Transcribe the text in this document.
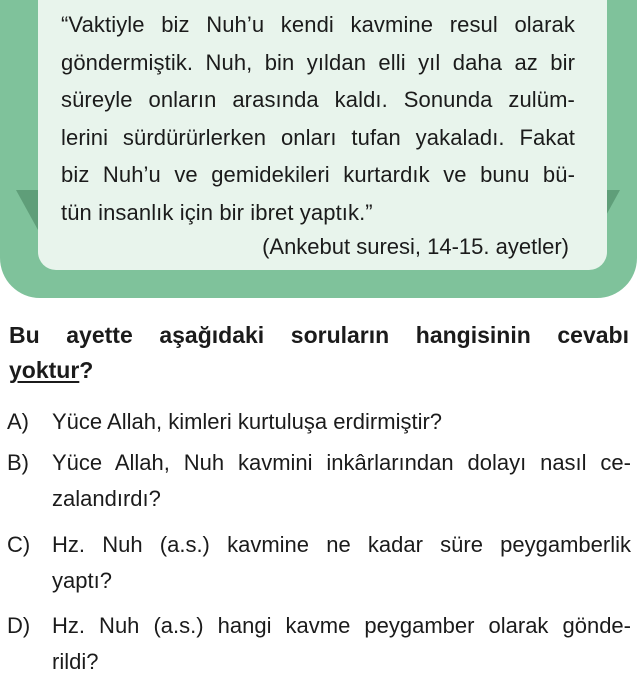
“Vaktiyle biz Nuh’u kendi kavmine resul olarak
göndermiştik. Nuh, bin yıldan elli yıl daha az bir
süreyle onların arasında kaldı. Sonunda zulüm-
lerini sürdürürlerken onları tufan yakaladı. Fakat
biz Nuh’u ve gemidekileri kurtardık ve bunu bü-
tün insanlık için bir ibret yaptık.”

(Ankebut suresi, 14-15. ayetler)
Bu ayette aşağıdaki soruların hangisinin cevabı
yoktur?
A)	Yüce Allah, kimleri kurtuluşa erdirmiştir?
B)	Yüce Allah, Nuh kavmini inkârlarından dolayı nasıl ce-
zalandırdı?
C) Hz. Nuh (a.s.) kavmine ne kadar süre peygamberlik
yaptı?
D) Hz. Nuh (a.s.) hangi kavme peygamber olarak gönde-
rildi?
